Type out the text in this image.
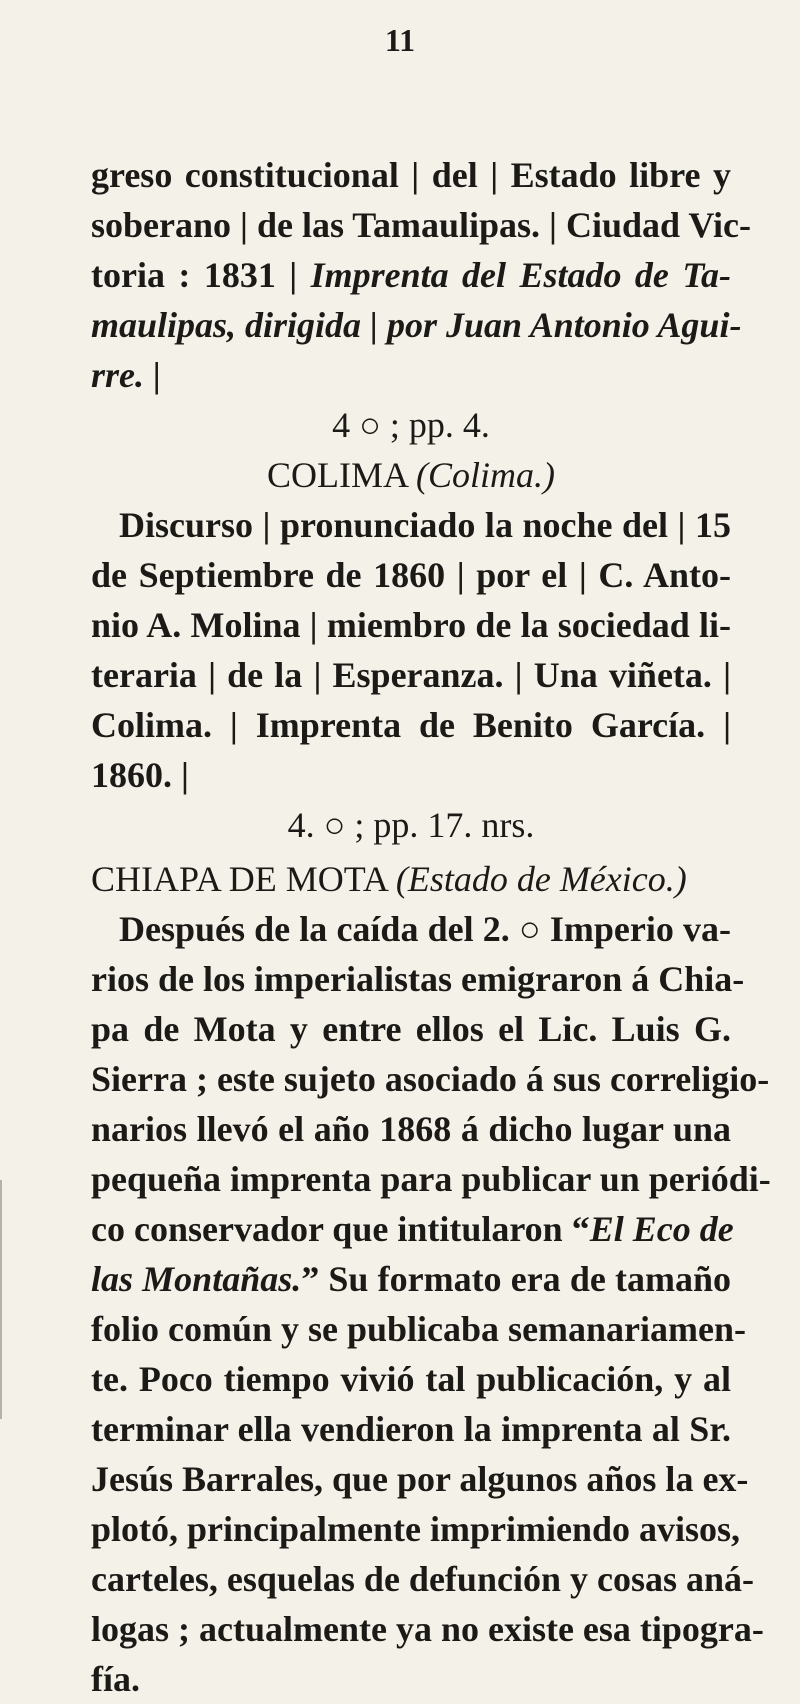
11
greso constitucional | del | Estado libre y
soberano | de las Tamaulipas. | Ciudad Vic-
toria : 1831 | Imprenta del Estado de Ta-
maulipas, dirigida | por Juan Antonio Agui-
rre. |
4 ○ ; pp. 4.
COLIMA (Colima.)
Discurso | pronunciado la noche del | 15
de Septiembre de 1860 | por el | C. Anto-
nio A. Molina | miembro de la sociedad li-
teraria | de la | Esperanza. | Una viñeta. |
Colima. | Imprenta de Benito García. |
1860. |
4. ○ ; pp. 17. nrs.
CHIAPA DE MOTA (Estado de México.)
Después de la caída del 2. ○ Imperio va-
rios de los imperialistas emigraron á Chia-
pa de Mota y entre ellos el Lic. Luis G.
Sierra ; este sujeto asociado á sus correligio-
narios llevó el año 1868 á dicho lugar una
pequeña imprenta para publicar un periódi-
co conservador que intitularon “El Eco de
las Montañas.” Su formato era de tamaño
folio común y se publicaba semanariamen-
te. Poco tiempo vivió tal publicación, y al
terminar ella vendieron la imprenta al Sr.
Jesús Barrales, que por algunos años la ex-
plotó, principalmente imprimiendo avisos,
carteles, esquelas de defunción y cosas aná-
logas ; actualmente ya no existe esa tipogra-
fía.
